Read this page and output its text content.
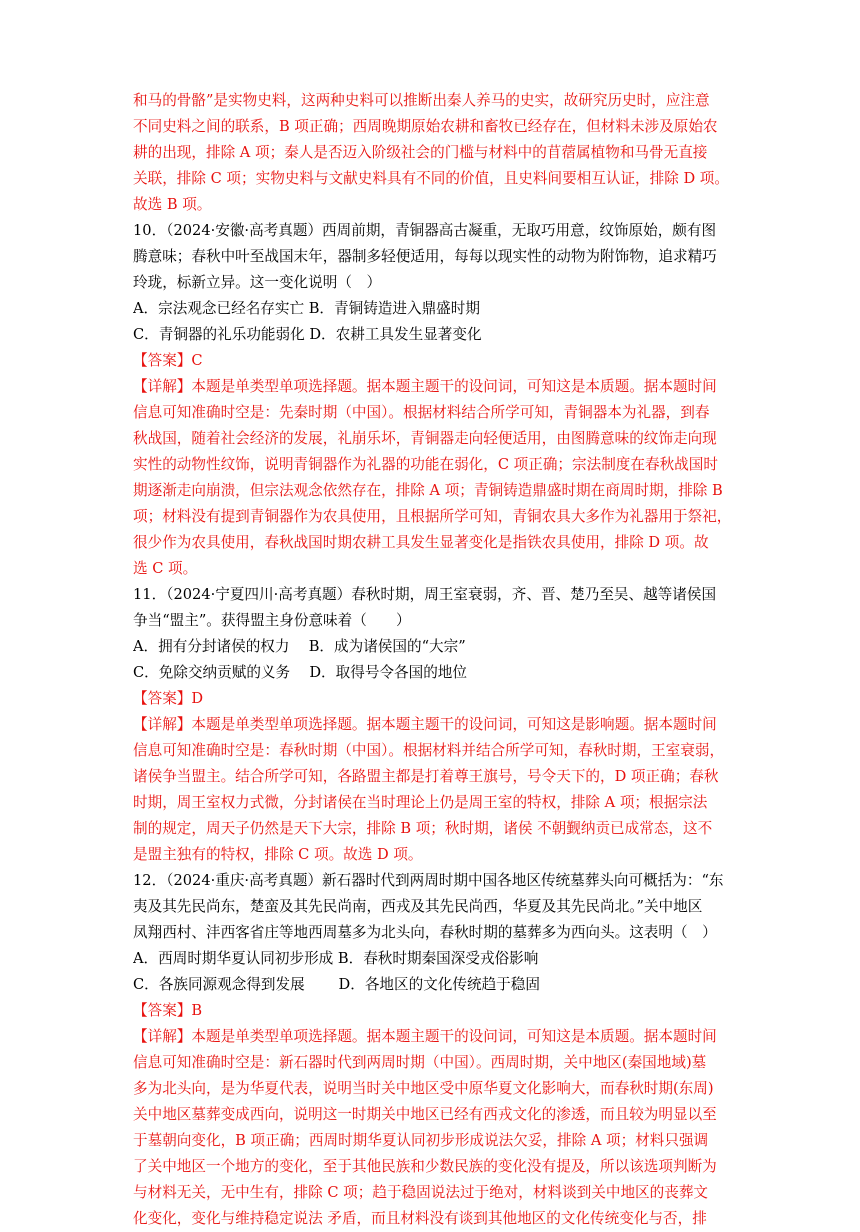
和马的骨骼”是实物史料，这两种史料可以推断出秦人养马的史实，故研究历史时，应注意
不同史料之间的联系，B 项正确；西周晚期原始农耕和畜牧已经存在，但材料未涉及原始农
耕的出现，排除 A 项；秦人是否迈入阶级社会的门槛与材料中的苜蓿属植物和马骨无直接
关联，排除 C 项；实物史料与文献史料具有不同的价值，且史料间要相互认证，排除 D 项。
故选 B 项。
10．（2024·安徽·高考真题）西周前期，青铜器高古凝重，无取巧用意，纹饰原始，颇有图
腾意味；春秋中叶至战国末年，器制多轻便适用，每每以现实性的动物为附饰物，追求精巧
玲珑，标新立异。这一变化说明（　）
A．宗法观念已经名存实亡 B．青铜铸造进入鼎盛时期
C．青铜器的礼乐功能弱化 D．农耕工具发生显著变化
【答案】C
【详解】本题是单类型单项选择题。据本题主题干的设问词，可知这是本质题。据本题时间
信息可知准确时空是：先秦时期（中国）。根据材料结合所学可知，青铜器本为礼器，到春
秋战国，随着社会经济的发展，礼崩乐坏，青铜器走向轻便适用，由图腾意味的纹饰走向现
实性的动物性纹饰，说明青铜器作为礼器的功能在弱化，C 项正确；宗法制度在春秋战国时
期逐渐走向崩溃，但宗法观念依然存在，排除 A 项；青铜铸造鼎盛时期在商周时期，排除 B
项；材料没有提到青铜器作为农具使用，且根据所学可知，青铜农具大多作为礼器用于祭祀，
很少作为农具使用，春秋战国时期农耕工具发生显著变化是指铁农具使用，排除 D 项。故
选 C 项。
11．（2024·宁夏四川·高考真题）春秋时期，周王室衰弱，齐、晋、楚乃至吴、越等诸侯国
争当“盟主”。获得盟主身份意味着（　　）
A．拥有分封诸侯的权力　 B．成为诸侯国的“大宗”
C．免除交纳贡赋的义务　 D．取得号令各国的地位
【答案】D
【详解】本题是单类型单项选择题。据本题主题干的设问词，可知这是影响题。据本题时间
信息可知准确时空是：春秋时期（中国）。根据材料并结合所学可知，春秋时期，王室衰弱，
诸侯争当盟主。结合所学可知，各路盟主都是打着尊王旗号，号令天下的，D 项正确；春秋
时期，周王室权力式微，分封诸侯在当时理论上仍是周王室的特权，排除 A 项；根据宗法
制的规定，周天子仍然是天下大宗，排除 B 项；秋时期，诸侯 不朝觐纳贡已成常态，这不
是盟主独有的特权，排除 C 项。故选 D 项。
12．（2024·重庆·高考真题）新石器时代到两周时期中国各地区传统墓葬头向可概括为：“东
夷及其先民尚东，楚蛮及其先民尚南，西戎及其先民尚西，华夏及其先民尚北。”关中地区
凤翔西村、沣西客省庄等地西周墓多为北头向，春秋时期的墓葬多为西向头。这表明（　）
A．西周时期华夏认同初步形成 B．春秋时期秦国深受戎俗影响
C．各族同源观念得到发展　　 D．各地区的文化传统趋于稳固
【答案】B
【详解】本题是单类型单项选择题。据本题主题干的设问词，可知这是本质题。据本题时间
信息可知准确时空是：新石器时代到两周时期（中国）。西周时期，关中地区(秦国地域)墓
多为北头向，是为华夏代表，说明当时关中地区受中原华夏文化影响大，而春秋时期(东周)
关中地区墓葬变成西向，说明这一时期关中地区已经有西戎文化的渗透，而且较为明显以至
于墓朝向变化，B 项正确；西周时期华夏认同初步形成说法欠妥，排除 A 项；材料只强调
了关中地区一个地方的变化，至于其他民族和少数民族的变化没有提及，所以该选项判断为
与材料无关，无中生有，排除 C 项；趋于稳固说法过于绝对，材料谈到关中地区的丧葬文
化变化，变化与维持稳定说法 矛盾，而且材料没有谈到其他地区的文化传统变化与否，排
